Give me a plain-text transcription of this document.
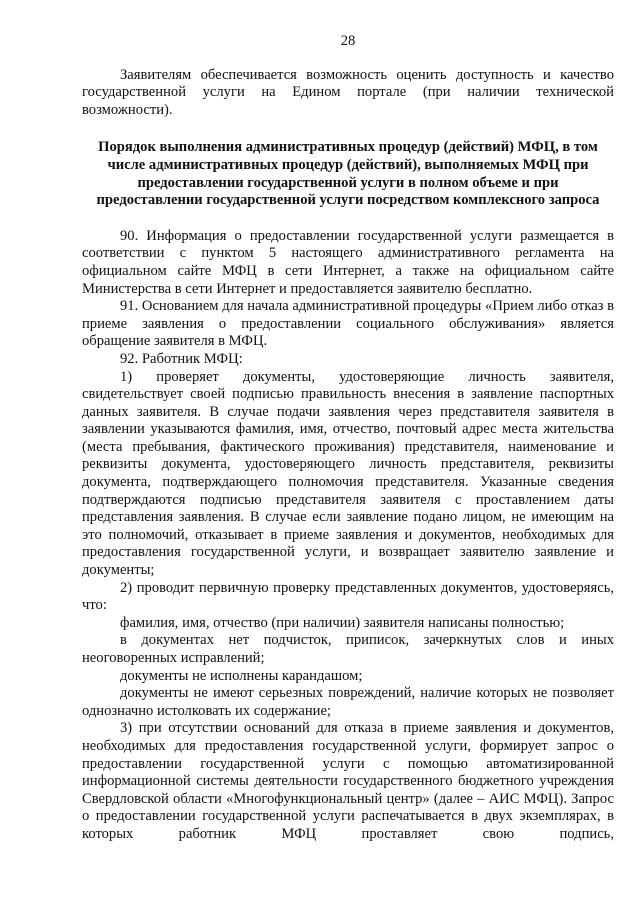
28

Заявителям обеспечивается возможность оценить доступность и качество государственной услуги на Едином портале (при наличии технической возможности).

Порядок выполнения административных процедур (действий) МФЦ, в том числе административных процедур (действий), выполняемых МФЦ при предоставлении государственной услуги в полном объеме и при предоставлении государственной услуги посредством комплексного запроса

90. Информация о предоставлении государственной услуги размещается в соответствии с пунктом 5 настоящего административного регламента на официальном сайте МФЦ в сети Интернет, а также на официальном сайте Министерства в сети Интернет и предоставляется заявителю бесплатно.

91. Основанием для начала административной процедуры «Прием либо отказ в приеме заявления о предоставлении социального обслуживания» является обращение заявителя в МФЦ.

92. Работник МФЦ:

1) проверяет документы, удостоверяющие личность заявителя, свидетельствует своей подписью правильность внесения в заявление паспортных данных заявителя. В случае подачи заявления через представителя заявителя в заявлении указываются фамилия, имя, отчество, почтовый адрес места жительства (места пребывания, фактического проживания) представителя, наименование и реквизиты документа, удостоверяющего личность представителя, реквизиты документа, подтверждающего полномочия представителя. Указанные сведения подтверждаются подписью представителя заявителя с проставлением даты представления заявления. В случае если заявление подано лицом, не имеющим на это полномочий, отказывает в приеме заявления и документов, необходимых для предоставления государственной услуги, и возвращает заявителю заявление и документы;

2) проводит первичную проверку представленных документов, удостоверяясь, что:

фамилия, имя, отчество (при наличии) заявителя написаны полностью;

в документах нет подчисток, приписок, зачеркнутых слов и иных неоговоренных исправлений;

документы не исполнены карандашом;

документы не имеют серьезных повреждений, наличие которых не позволяет однозначно истолковать их содержание;

3) при отсутствии оснований для отказа в приеме заявления и документов, необходимых для предоставления государственной услуги, формирует запрос о предоставлении государственной услуги с помощью автоматизированной информационной системы деятельности государственного бюджетного учреждения Свердловской области «Многофункциональный центр» (далее – АИС МФЦ). Запрос о предоставлении государственной услуги распечатывается в двух экземплярах, в которых работник МФЦ проставляет свою подпись,
